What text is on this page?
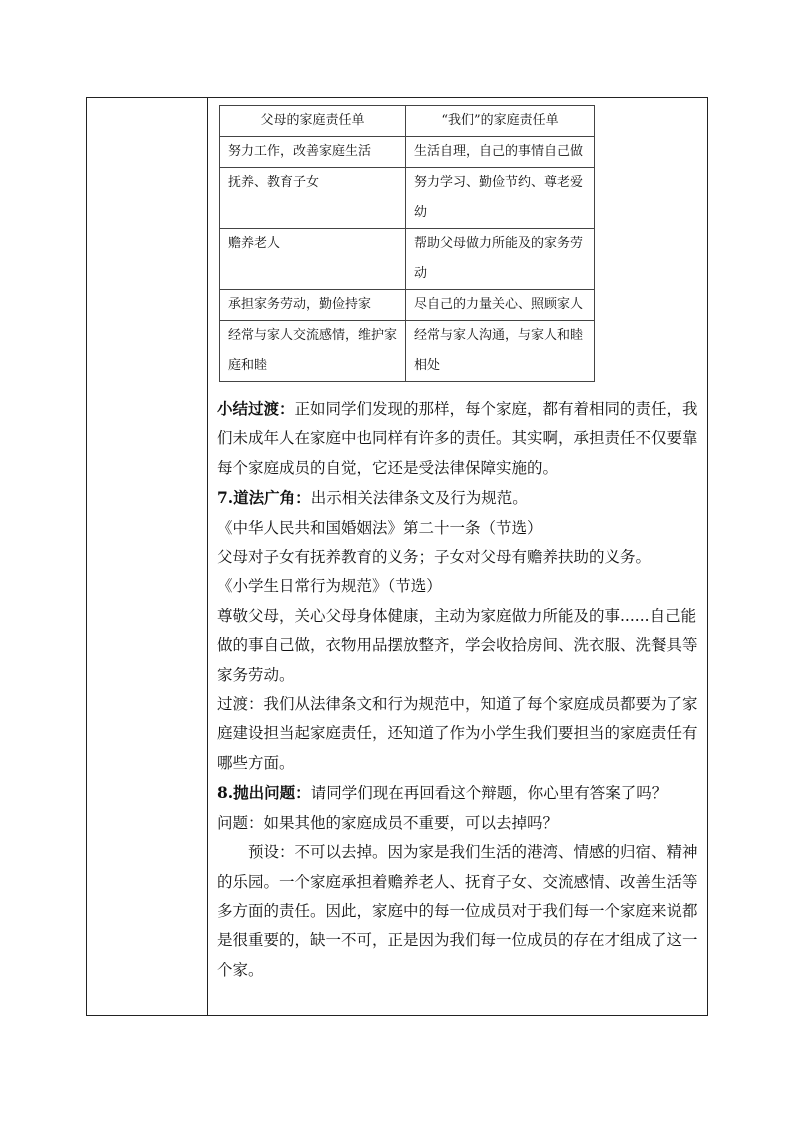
父母的家庭责任单	“我们”的家庭责任单
努力工作，改善家庭生活	生活自理，自己的事情自己做
抚养、教育子女	努力学习、勤俭节约、尊老爱幼
赡养老人	帮助父母做力所能及的家务劳动
承担家务劳动，勤俭持家	尽自己的力量关心、照顾家人
经常与家人交流感情，维护家庭和睦	经常与家人沟通，与家人和睦相处

小结过渡：正如同学们发现的那样，每个家庭，都有着相同的责任，我们未成年人在家庭中也同样有许多的责任。其实啊，承担责任不仅要靠每个家庭成员的自觉，它还是受法律保障实施的。

7.道法广角：出示相关法律条文及行为规范。

《中华人民共和国婚姻法》第二十一条（节选）

父母对子女有抚养教育的义务；子女对父母有赡养扶助的义务。

《小学生日常行为规范》（节选）

尊敬父母，关心父母身体健康，主动为家庭做力所能及的事......自己能做的事自己做，衣物用品摆放整齐，学会收拾房间、洗衣服、洗餐具等家务劳动。

过渡：我们从法律条文和行为规范中，知道了每个家庭成员都要为了家庭建设担当起家庭责任，还知道了作为小学生我们要担当的家庭责任有哪些方面。

8.抛出问题：请同学们现在再回看这个辩题，你心里有答案了吗？

问题：如果其他的家庭成员不重要，可以去掉吗？

预设：不可以去掉。因为家是我们生活的港湾、情感的归宿、精神的乐园。一个家庭承担着赡养老人、抚育子女、交流感情、改善生活等多方面的责任。因此，家庭中的每一位成员对于我们每一个家庭来说都是很重要的，缺一不可，正是因为我们每一位成员的存在才组成了这一个家。
